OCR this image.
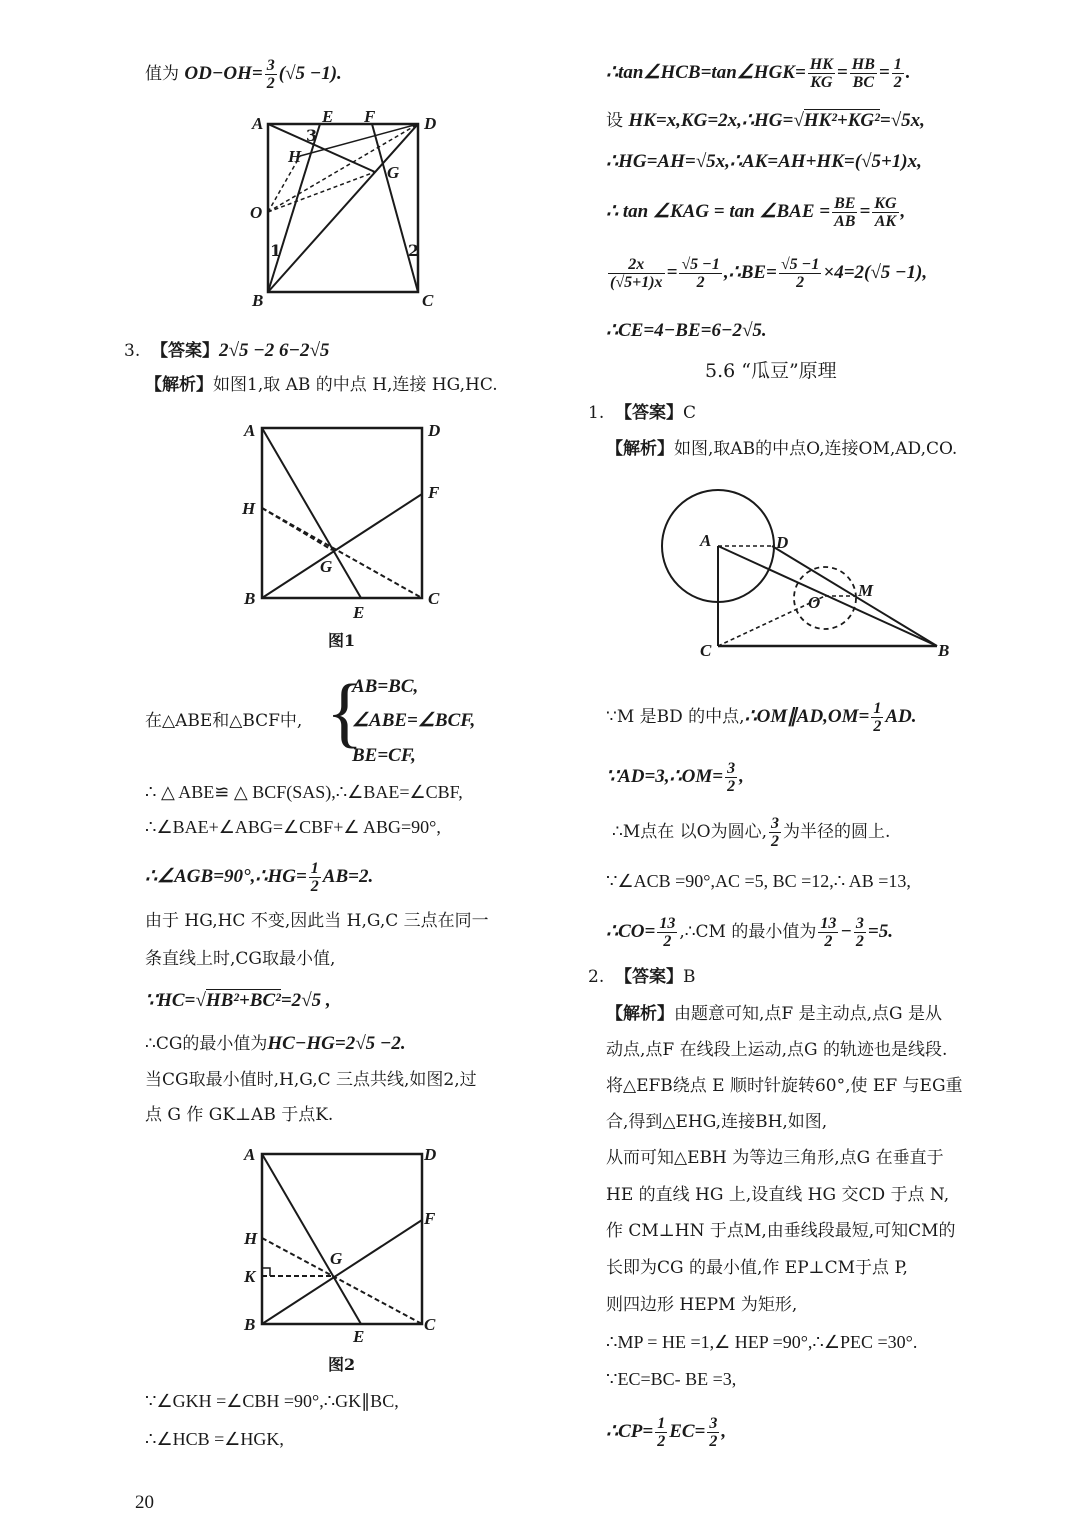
值为 $OD-OH= \frac{3}{2} (√5 -1)$.
A	E F	D
H
3
G
O
1	2
B	C
3. 【答案】2√5 −2 6−2√5
【解析】如图1,取 AB 的中点 H,连接 HG,HC.
A	D
H
F
G
B
E
C
图1
在△ABE和△BCF中, {
AB=BC,
∠ABE=∠BCF,
BE=CF,
∴ △ ABE≌ △ BCF(SAS),∴∠BAE=∠CBF,
∴∠BAE+∠ABG=∠CBF+∠ ABG=90°,
∴∠AGB=90°,∴HG= $\frac{1}{2} AB=2$.
由于 HG,HC 不变,因此当 H,G,C 三点在同一
条直线上时,CG取最小值,
∵HC=√HB²+BC²=2√5 ,
∴CG的最小值为HC−HG=2√5 −2.
当CG取最小值时,H,G,C 三点共线,如图2,过
点 G 作 GK⊥AB 于点K.
A	D
F
H
G
K
B
E
C
图2
∵∠GKH =∠CBH =90°,∴GK∥BC,
∴∠HCB =∠HGK,
20
∴tan∠HCB=tan∠HGK= $\frac{HK}{KG} = \frac{HB}{BC} = \frac{1}{2}$ .
设 HK=x,KG=2x,∴HG=√HK²+KG²=√5x,
∴HG=AH=√5x,∴AK=AH+HK=(√5+1)x,
∴ tan ∠KAG = tan ∠BAE = $\frac{BE}{AB} = \frac{KG}{AK}$ ,
$\frac{2x}{(√5+1)x} = \frac{√5 -1}{2}$ ,∴BE= $\frac{√5 -1}{2} \times 4=2(√5 -1)$,
∴CE=4−BE=6−2√5.
5.6 “瓜豆”原理
1. 【答案】C
【解析】如图,取AB的中点O,连接OM,AD,CO.
A	D
M
O
C	B
∵M 是BD 的中点,∴OM∥AD,OM= $\frac{1}{2}$ AD.
∵AD=3,∴OM= $\frac{3}{2}$ ,
∴M点在 以O为圆心, $\frac{3}{2}$ 为半径的圆上.
∵∠ACB =90°,AC =5, BC =12,∴ AB =13,
∴CO= $\frac{13}{2}$ ,∴CM 的最小值为 $\frac{13}{2} - \frac{3}{2} =5$.
2. 【答案】B
【解析】由题意可知,点F 是主动点,点G 是从
动点,点F 在线段上运动,点G 的轨迹也是线段.
将△EFB绕点 E 顺时针旋转60°,使 EF 与EG重
合,得到△EHG,连接BH,如图,
从而可知△EBH 为等边三角形,点G 在垂直于
HE 的直线 HG 上,设直线 HG 交CD 于点 N,
作 CM⊥HN 于点M,由垂线段最短,可知CM的
长即为CG 的最小值,作 EP⊥CM于点 P,
则四边形 HEPM 为矩形,
∴MP = HE =1,∠ HEP =90°,∴∠PEC =30°.
∵EC=BC- BE =3,
∴CP= $\frac{1}{2} EC= \frac{3}{2}$ ,
